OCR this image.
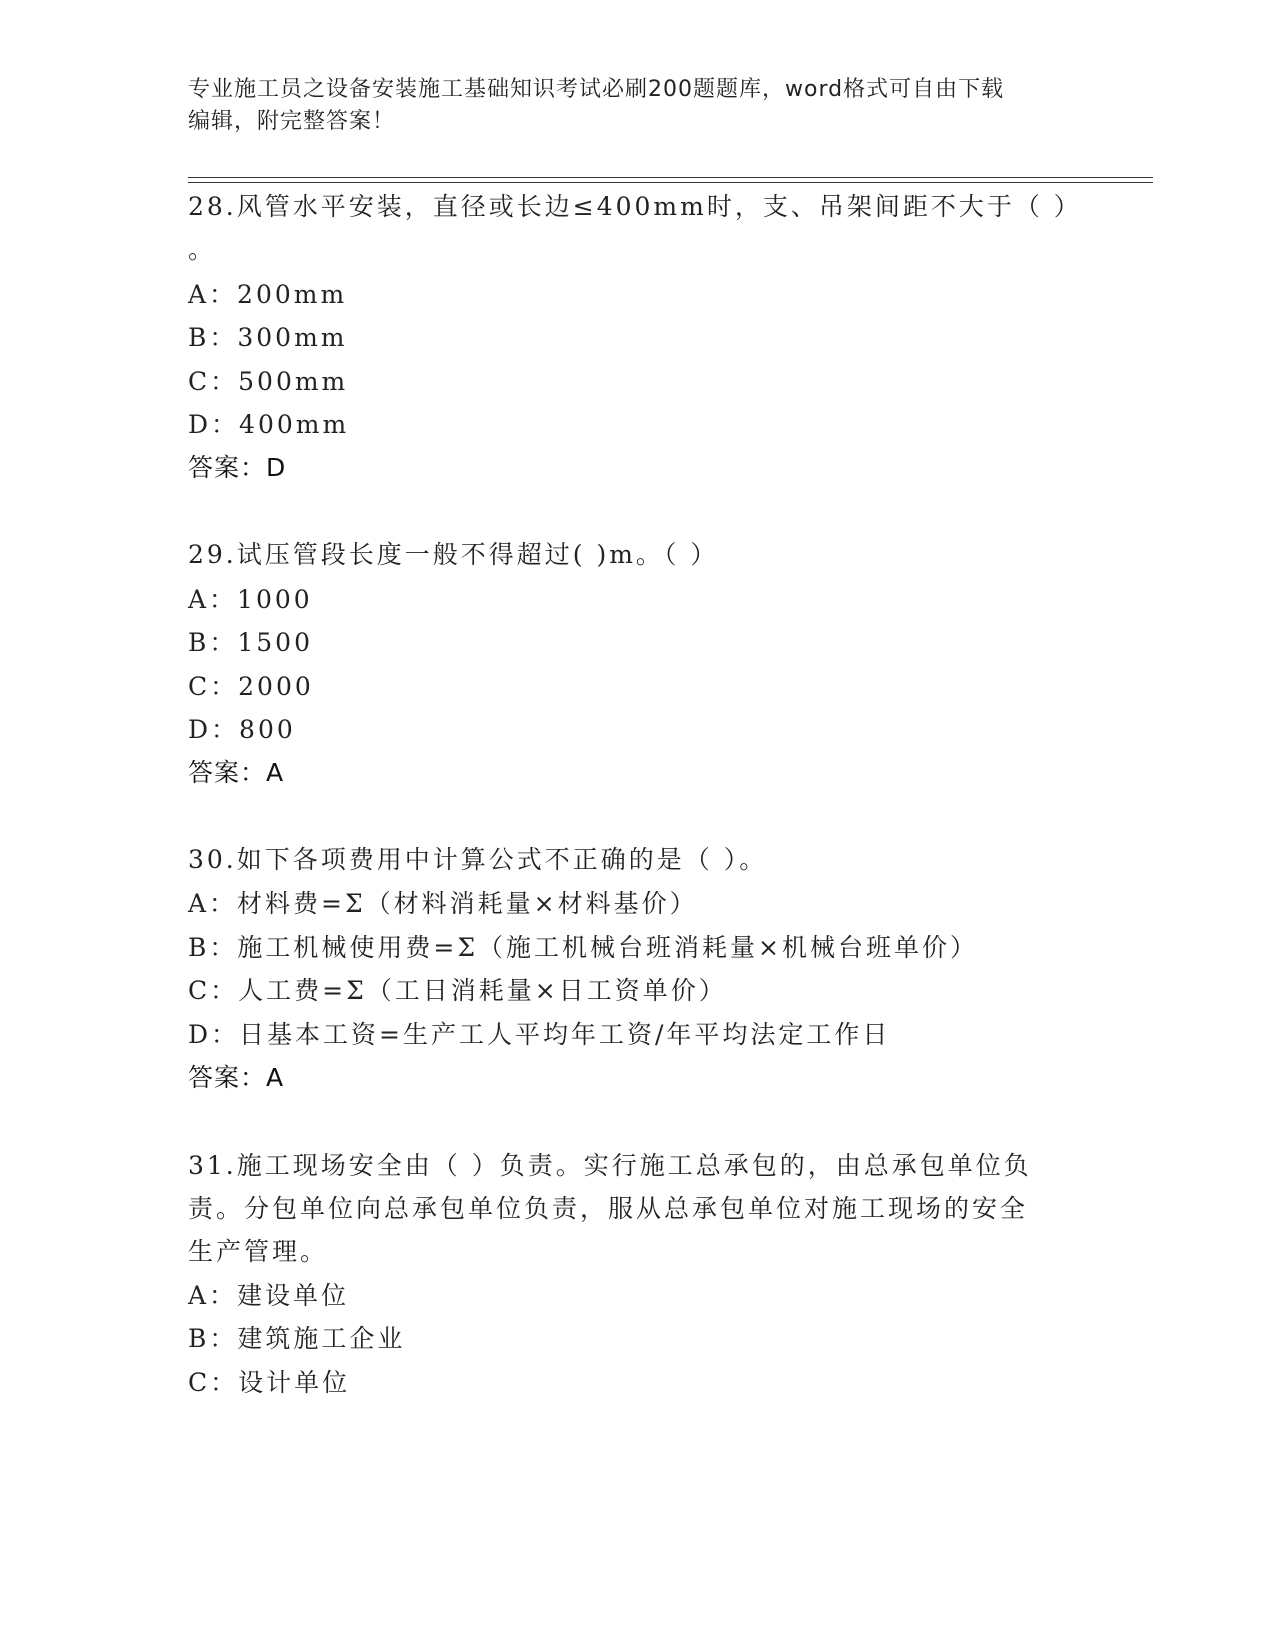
专业施工员之设备安装施工基础知识考试必刷200题题库，word格式可自由下载
编辑，附完整答案！
28.风管水平安装，直径或长边≤400mm时，支、吊架间距不大于（ ）
。
A：200mm
B：300mm
C：500mm
D：400mm
答案：D
29.试压管段长度一般不得超过( )m。（ ）
A：1000
B：1500
C：2000
D：800
答案：A
30.如下各项费用中计算公式不正确的是（ ）。
A：材料费=Σ（材料消耗量×材料基价）
B：施工机械使用费=Σ（施工机械台班消耗量×机械台班单价）
C：人工费=Σ（工日消耗量×日工资单价）
D：日基本工资=生产工人平均年工资/年平均法定工作日
答案：A
31.施工现场安全由（ ）负责。实行施工总承包的，由总承包单位负
责。分包单位向总承包单位负责，服从总承包单位对施工现场的安全
生产管理。
A：建设单位
B：建筑施工企业
C：设计单位
